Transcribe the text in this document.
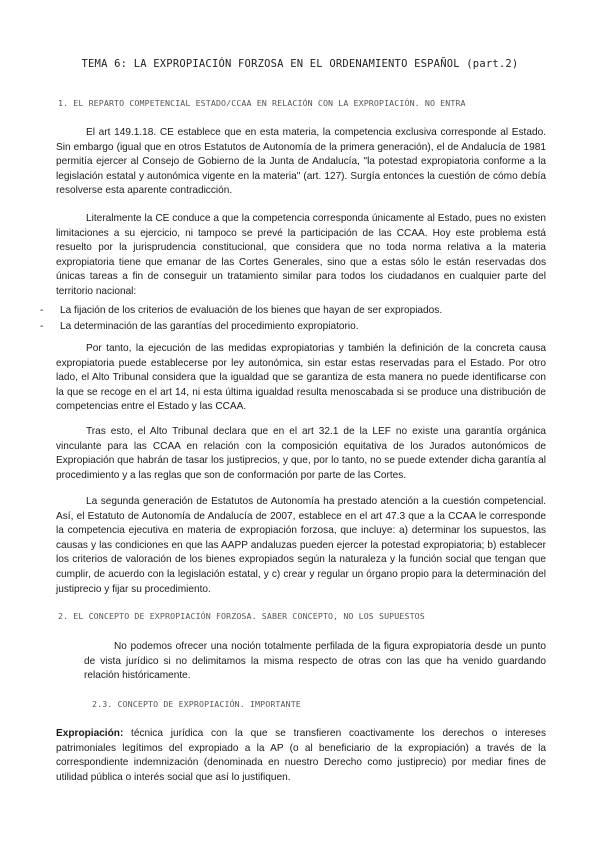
TEMA 6: LA EXPROPIACIÓN FORZOSA EN EL ORDENAMIENTO ESPAÑOL (part.2)
1. EL REPARTO COMPETENCIAL ESTADO/CCAA EN RELACIÓN CON LA EXPROPIACIÓN. NO ENTRA

El art 149.1.18. CE establece que en esta materia, la competencia exclusiva corresponde al Estado. Sin embargo (igual que en otros Estatutos de Autonomía de la primera generación), el de Andalucía de 1981 permitía ejercer al Consejo de Gobierno de la Junta de Andalucía, "la potestad expropiatoria conforme a la legislación estatal y autonómica vigente en la materia" (art. 127). Surgía entonces la cuestión de cómo debía resolverse esta aparente contradicción.

Literalmente la CE conduce a que la competencia corresponda únicamente al Estado, pues no existen limitaciones a su ejercicio, ni tampoco se prevé la participación de las CCAA. Hoy este problema está resuelto por la jurisprudencia constitucional, que considera que no toda norma relativa a la materia expropiatoria tiene que emanar de las Cortes Generales, sino que a estas sólo le están reservadas dos únicas tareas a fin de conseguir un tratamiento similar para todos los ciudadanos en cualquier parte del territorio nacional:

- La fijación de los criterios de evaluación de los bienes que hayan de ser expropiados.
- La determinación de las garantías del procedimiento expropiatorio.

Por tanto, la ejecución de las medidas expropiatorias y también la definición de la concreta causa expropiatoria puede establecerse por ley autonómica, sin estar estas reservadas para el Estado. Por otro lado, el Alto Tribunal considera que la igualdad que se garantiza de esta manera no puede identificarse con la que se recoge en el art 14, ni esta última igualdad resulta menoscabada si se produce una distribución de competencias entre el Estado y las CCAA.

Tras esto, el Alto Tribunal declara que en el art 32.1 de la LEF no existe una garantía orgánica vinculante para las CCAA en relación con la composición equitativa de los Jurados autonómicos de Expropiación que habrán de tasar los justiprecios, y que, por lo tanto, no se puede extender dicha garantía al procedimiento y a las reglas que son de conformación por parte de las Cortes.

La segunda generación de Estatutos de Autonomía ha prestado atención a la cuestión competencial. Así, el Estatuto de Autonomía de Andalucía de 2007, establece en el art 47.3 que a la CCAA le corresponde la competencia ejecutiva en materia de expropiación forzosa, que incluye: a) determinar los supuestos, las causas y las condiciones en que las AAPP andaluzas pueden ejercer la potestad expropiatoria; b) establecer los criterios de valoración de los bienes expropiados según la naturaleza y la función social que tengan que cumplir, de acuerdo con la legislación estatal, y c) crear y regular un órgano propio para la determinación del justiprecio y fijar su procedimiento.

2. EL CONCEPTO DE EXPROPIACIÓN FORZOSA. SABER CONCEPTO, NO LOS SUPUESTOS

No podemos ofrecer una noción totalmente perfilada de la figura expropiatoria desde un punto de vista jurídico si no delimitamos la misma respecto de otras con las que ha venido guardando relación históricamente.

2.3. CONCEPTO DE EXPROPIACIÓN. IMPORTANTE

Expropiación: técnica jurídica con la que se transfieren coactivamente los derechos o intereses patrimoniales legítimos del expropiado a la AP (o al beneficiario de la expropiación) a través de la correspondiente indemnización (denominada en nuestro Derecho como justiprecio) por mediar fines de utilidad pública o interés social que así lo justifiquen.
